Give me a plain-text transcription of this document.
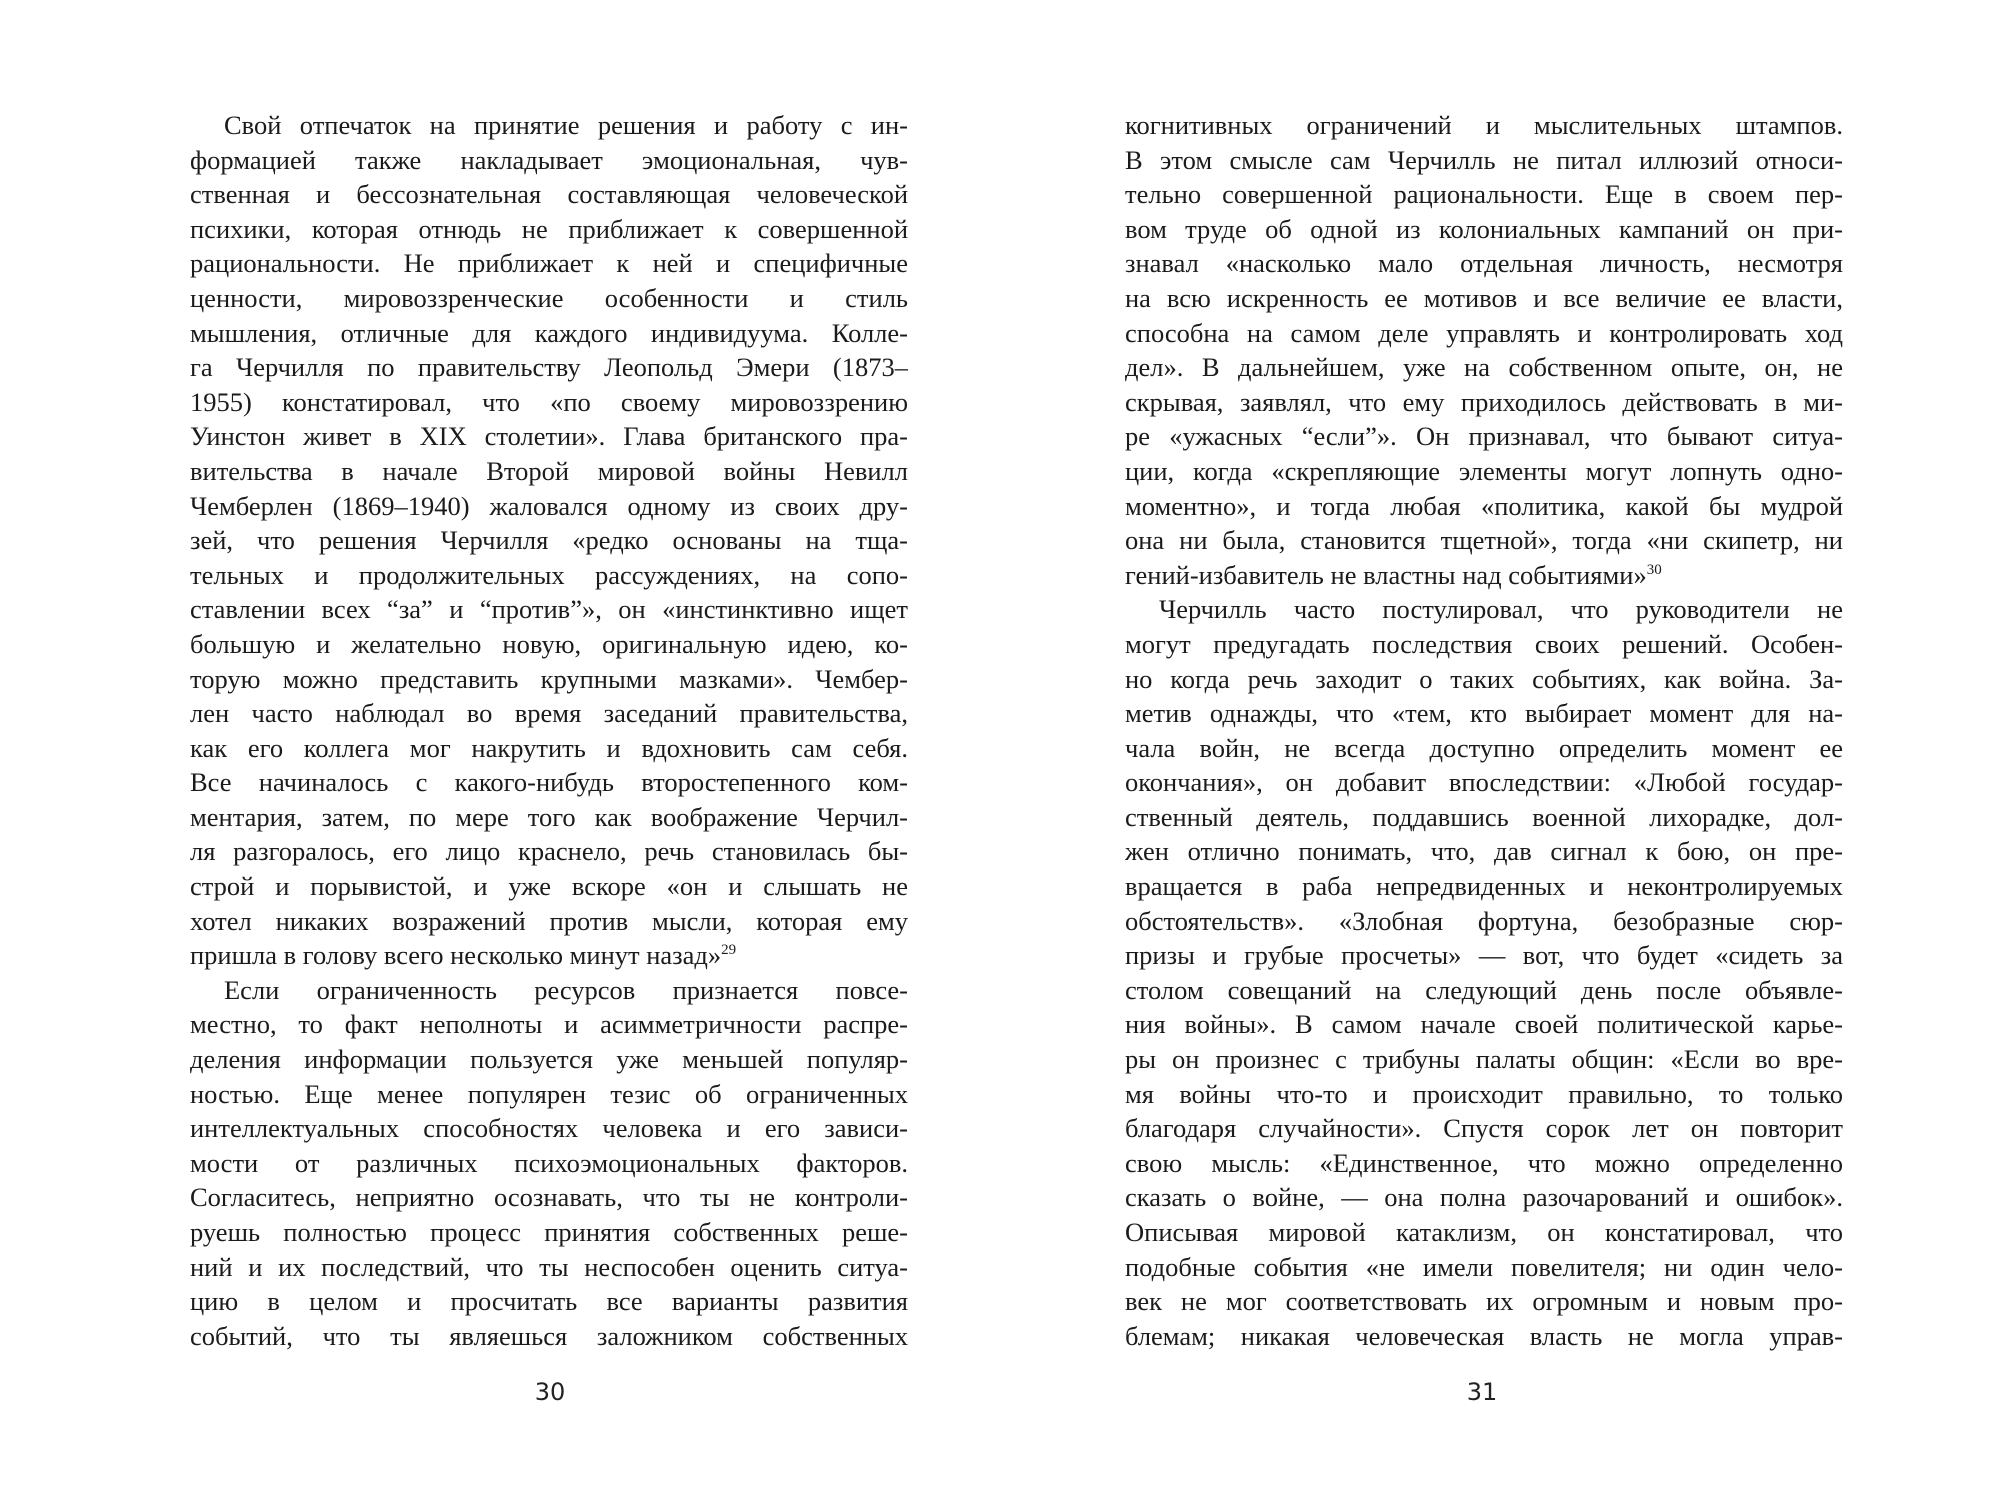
Свой отпечаток на принятие решения и работу с ин-
формацией также накладывает эмоциональная, чув-
ственная и бессознательная составляющая человеческой
психики, которая отнюдь не приближает к совершенной
рациональности. Не приближает к ней и специфичные
ценности, мировоззренческие особенности и стиль
мышления, отличные для каждого индивидуума. Колле-
га Черчилля по правительству Леопольд Эмери (1873–
1955) констатировал, что «по своему мировоззрению
Уинстон живет в XIX столетии». Глава британского пра-
вительства в начале Второй мировой войны Невилл
Чемберлен (1869–1940) жаловался одному из своих дру-
зей, что решения Черчилля «редко основаны на тща-
тельных и продолжительных рассуждениях, на сопо-
ставлении всех “за” и “против”», он «инстинктивно ищет
большую и желательно новую, оригинальную идею, ко-
торую можно представить крупными мазками». Чембер-
лен часто наблюдал во время заседаний правительства,
как его коллега мог накрутить и вдохновить сам себя.
Все начиналось с какого-нибудь второстепенного ком-
ментария, затем, по мере того как воображение Черчил-
ля разгоралось, его лицо краснело, речь становилась бы-
строй и порывистой, и уже вскоре «он и слышать не
хотел никаких возражений против мысли, которая ему
пришла в голову всего несколько минут назад»$^{29}$
Если ограниченность ресурсов признается повсе-
местно, то факт неполноты и асимметричности распре-
деления информации пользуется уже меньшей популяр-
ностью. Еще менее популярен тезис об ограниченных
интеллектуальных способностях человека и его зависи-
мости от различных психоэмоциональных факторов.
Согласитесь, неприятно осознавать, что ты не контроли-
руешь полностью процесс принятия собственных реше-
ний и их последствий, что ты неспособен оценить ситуа-
цию в целом и просчитать все варианты развития
событий, что ты являешься заложником собственных
30
когнитивных ограничений и мыслительных штампов.
В этом смысле сам Черчилль не питал иллюзий относи-
тельно совершенной рациональности. Еще в своем пер-
вом труде об одной из колониальных кампаний он при-
знавал «насколько мало отдельная личность, несмотря
на всю искренность ее мотивов и все величие ее власти,
способна на самом деле управлять и контролировать ход
дел». В дальнейшем, уже на собственном опыте, он, не
скрывая, заявлял, что ему приходилось действовать в ми-
ре «ужасных “если”». Он признавал, что бывают ситуа-
ции, когда «скрепляющие элементы могут лопнуть одно-
моментно», и тогда любая «политика, какой бы мудрой
она ни была, становится тщетной», тогда «ни скипетр, ни
гений-избавитель не властны над событиями»$^{30}$
Черчилль часто постулировал, что руководители не
могут предугадать последствия своих решений. Особен-
но когда речь заходит о таких событиях, как война. За-
метив однажды, что «тем, кто выбирает момент для на-
чала войн, не всегда доступно определить момент ее
окончания», он добавит впоследствии: «Любой государ-
ственный деятель, поддавшись военной лихорадке, дол-
жен отлично понимать, что, дав сигнал к бою, он пре-
вращается в раба непредвиденных и неконтролируемых
обстоятельств». «Злобная фортуна, безобразные сюр-
призы и грубые просчеты» — вот, что будет «сидеть за
столом совещаний на следующий день после объявле-
ния войны». В самом начале своей политической карье-
ры он произнес с трибуны палаты общин: «Если во вре-
мя войны что-то и происходит правильно, то только
благодаря случайности». Спустя сорок лет он повторит
свою мысль: «Единственное, что можно определенно
сказать о войне, — она полна разочарований и ошибок».
Описывая мировой катаклизм, он констатировал, что
подобные события «не имели повелителя; ни один чело-
век не мог соответствовать их огромным и новым про-
блемам; никакая человеческая власть не могла управ-
31
